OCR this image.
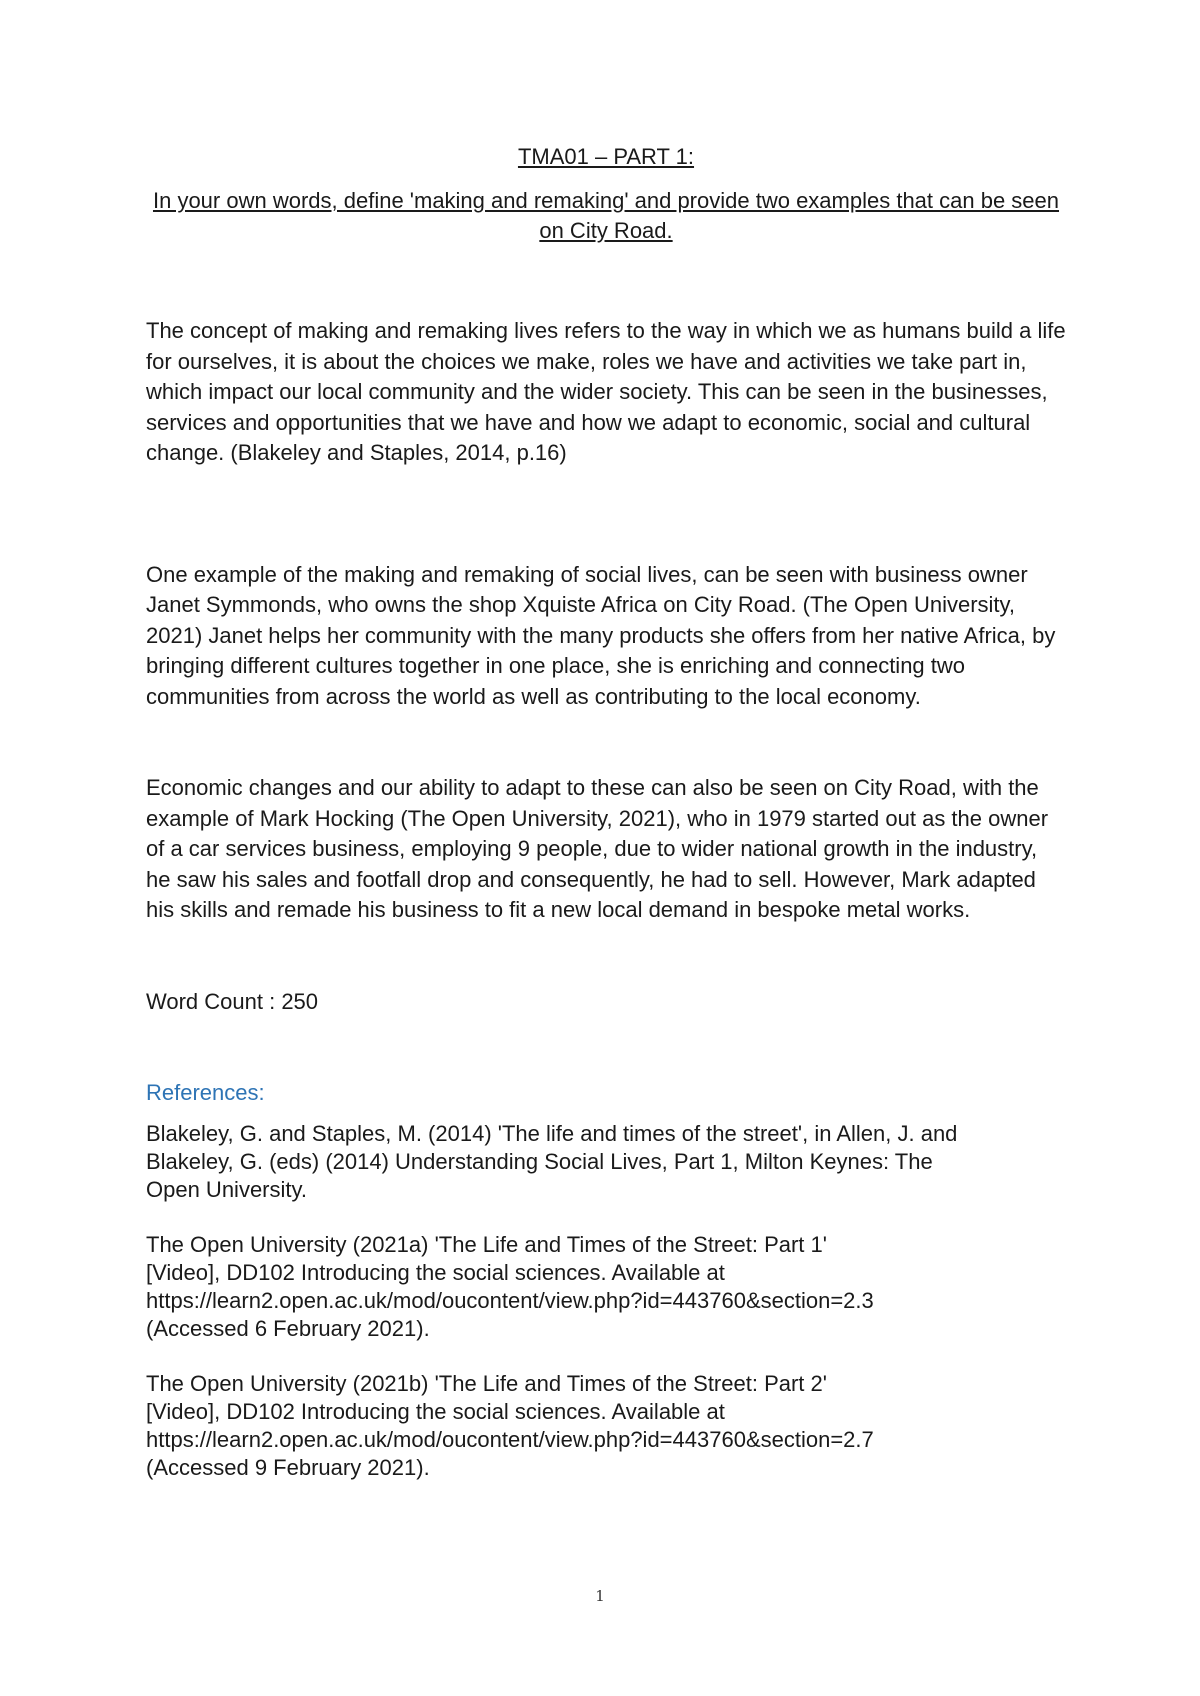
TMA01 – PART 1:

In your own words, define 'making and remaking' and provide two examples that can be seen on City Road.

The concept of making and remaking lives refers to the way in which we as humans build a life for ourselves, it is about the choices we make, roles we have and activities we take part in, which impact our local community and the wider society. This can be seen in the businesses, services and opportunities that we have and how we adapt to economic, social and cultural change. (Blakeley and Staples, 2014, p.16)

One example of the making and remaking of social lives, can be seen with business owner Janet Symmonds, who owns the shop Xquiste Africa on City Road. (The Open University, 2021) Janet helps her community with the many products she offers from her native Africa, by bringing different cultures together in one place, she is enriching and connecting two communities from across the world as well as contributing to the local economy.

Economic changes and our ability to adapt to these can also be seen on City Road, with the example of Mark Hocking (The Open University, 2021), who in 1979 started out as the owner of a car services business, employing 9 people, due to wider national growth in the industry, he saw his sales and footfall drop and consequently, he had to sell. However, Mark adapted his skills and remade his business to fit a new local demand in bespoke metal works.

Word Count : 250

References:

Blakeley, G. and Staples, M. (2014) 'The life and times of the street', in Allen, J. and
Blakeley, G. (eds) (2014) Understanding Social Lives, Part 1, Milton Keynes: The
Open University.
The Open University (2021a) 'The Life and Times of the Street: Part 1'
[Video], DD102 Introducing the social sciences. Available at
https://learn2.open.ac.uk/mod/oucontent/view.php?id=443760&section=2.3
(Accessed 6 February 2021).
The Open University (2021b) 'The Life and Times of the Street: Part 2'
[Video], DD102 Introducing the social sciences. Available at
https://learn2.open.ac.uk/mod/oucontent/view.php?id=443760&section=2.7
(Accessed 9 February 2021).
1
